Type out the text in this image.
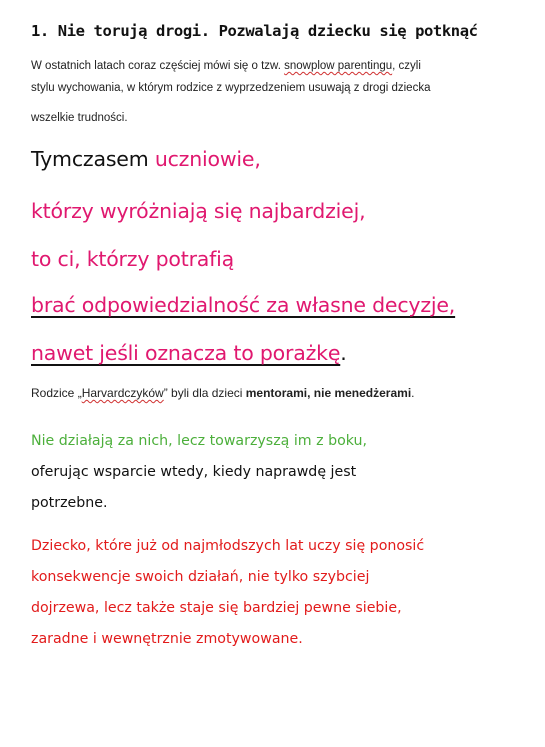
1. Nie torują drogi. Pozwalają dziecku się potknąć
W ostatnich latach coraz częściej mówi się o tzw. snowplow parentingu, czyli
stylu wychowania, w którym rodzice z wyprzedzeniem usuwają z drogi dziecka
wszelkie trudności.
Tymczasem uczniowie,
którzy wyróżniają się najbardziej,
to ci, którzy potrafią
brać odpowiedzialność za własne decyzje,
nawet jeśli oznacza to porażkę.
Rodzice „Harvardczyków” byli dla dzieci mentorami, nie menedżerami.
Nie działają za nich, lecz towarzyszą im z boku,
oferując wsparcie wtedy, kiedy naprawdę jest
potrzebne.
Dziecko, które już od najmłodszych lat uczy się ponosić
konsekwencje swoich działań, nie tylko szybciej
dojrzewa, lecz także staje się bardziej pewne siebie,
zaradne i wewnętrznie zmotywowane.
